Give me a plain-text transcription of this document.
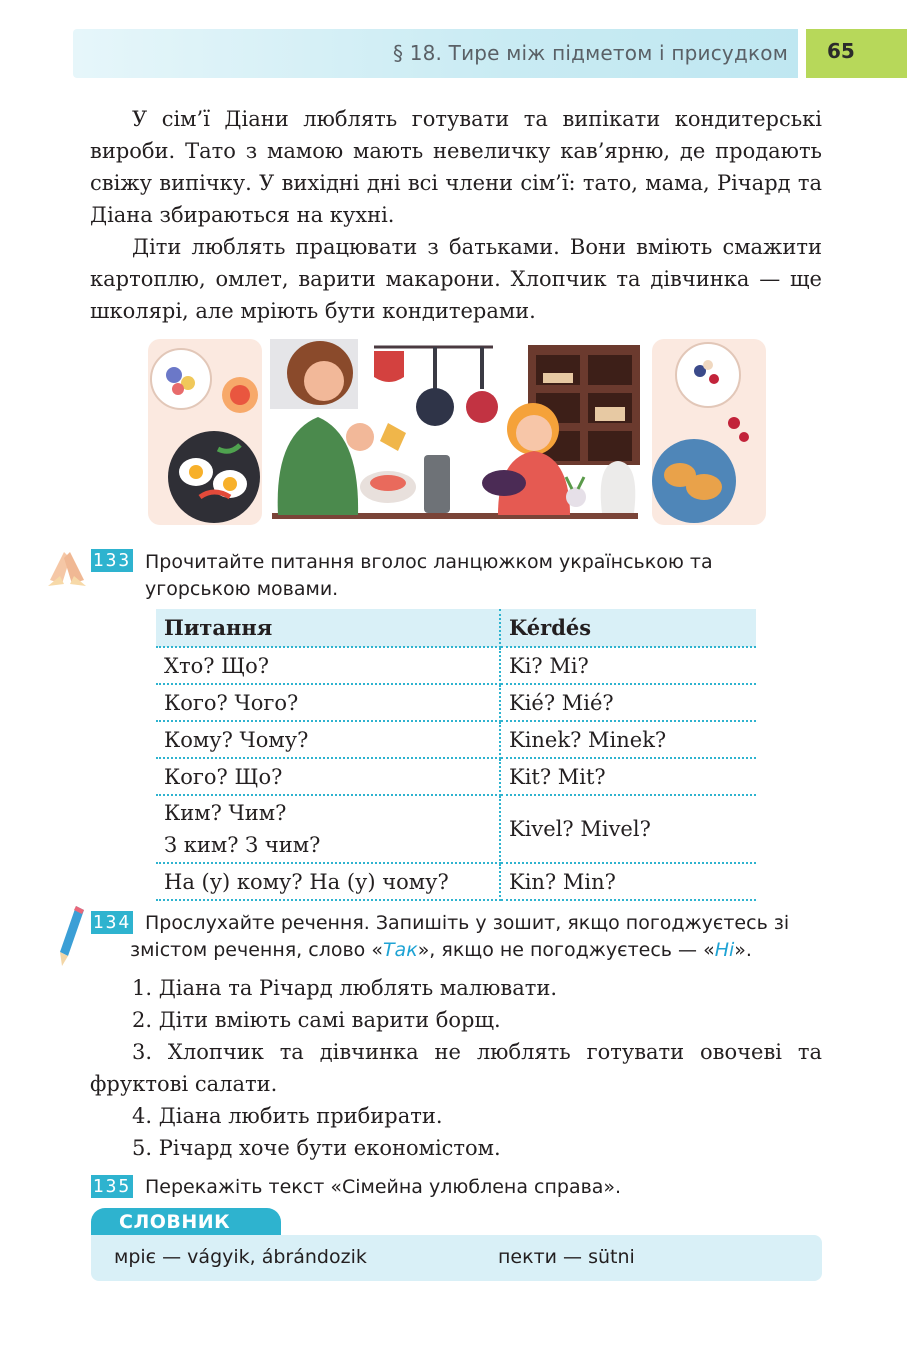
§ 18. Тире між підметом і присудком 65
У сім’ї Діани люблять готувати та випікати кондитерські вироби. Тато з мамою мають невеличку кав’ярню, де продають свіжу випічку. У вихідні дні всі члени сім’ї: тато, мама, Річард та Діана збираються на кухні.
Діти люблять працювати з батьками. Вони вміють смажити картоплю, омлет, варити макарони. Хлопчик та дівчинка — ще школярі, але мріють бути кондитерами.
133 Прочитайте питання вголос ланцюжком українською та угорською мовами.
Питання	Kérdés
Хто? Що?	Ki? Mi?
Кого? Чого?	Kié? Mié?
Кому? Чому?	Kinek? Minek?
Кого? Що?	Kit? Mit?
Ким? Чим?
З ким? З чим?	Kivel? Mivel?
На (у) кому? На (у) чому?	Kin? Min?
134 Прослухайте речення. Запишіть у зошит, якщо погоджуєтесь зі змістом речення, слово «Так», якщо не погоджуєтесь — «Ні».
1. Діана та Річард люблять малювати.
2. Діти вміють самі варити борщ.
3. Хлопчик та дівчинка не люблять готувати овочеві та фруктові салати.
4. Діана любить прибирати.
5. Річард хоче бути економістом.
135 Перекажіть текст «Сімейна улюблена справа».
СЛОВНИК
мріє — vágyik, ábrándozik	пекти — sütni
